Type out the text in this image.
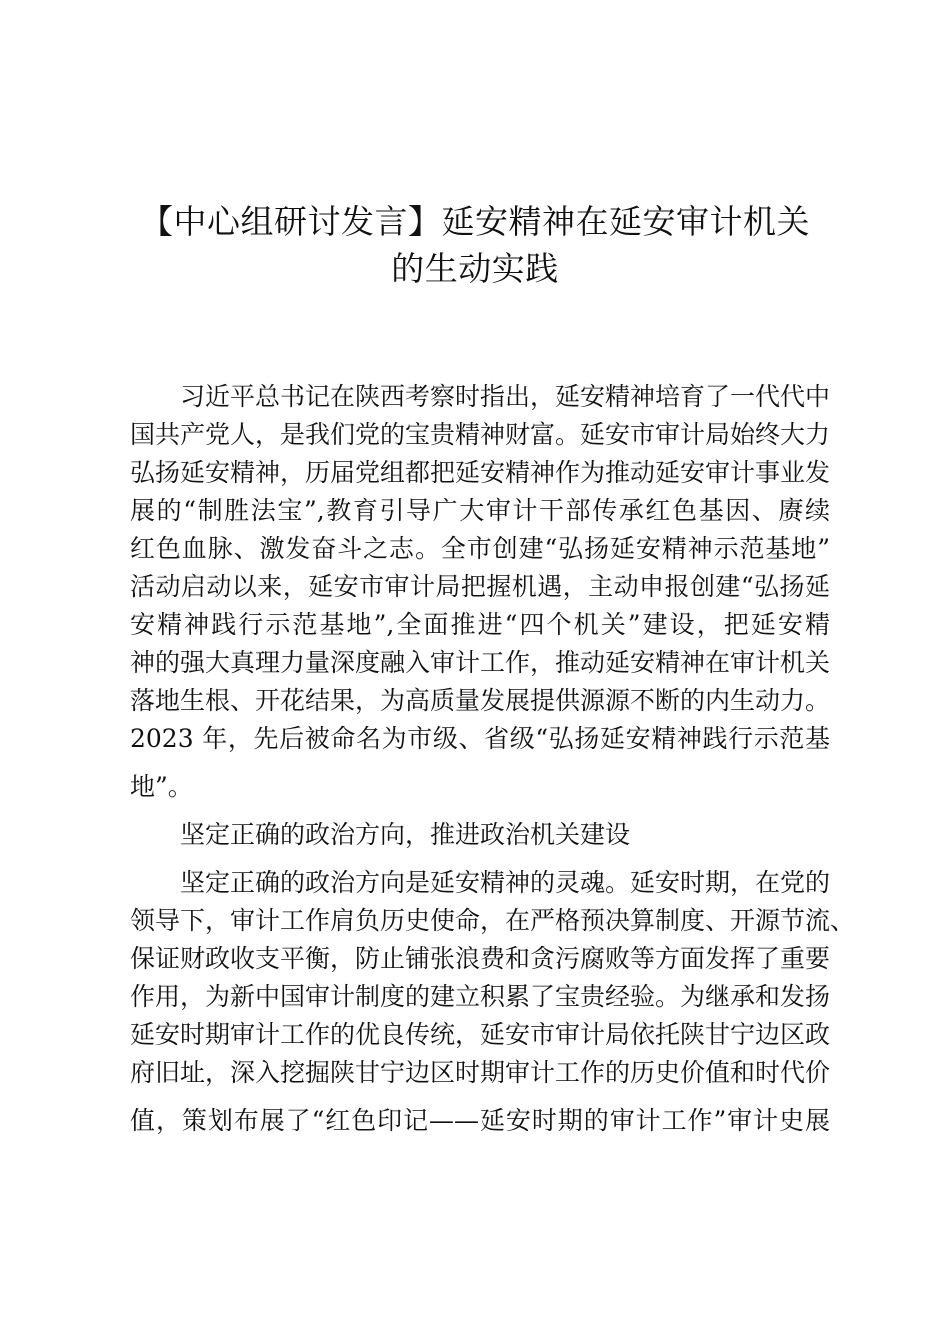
【中心组研讨发言】延安精神在延安审计机关
的生动实践
习近平总书记在陕西考察时指出，延安精神培育了一代代中
国共产党人，是我们党的宝贵精神财富。延安市审计局始终大力
弘扬延安精神，历届党组都把延安精神作为推动延安审计事业发
展的“制胜法宝”,教育引导广大审计干部传承红色基因、赓续
红色血脉、激发奋斗之志。全市创建“弘扬延安精神示范基地”
活动启动以来，延安市审计局把握机遇，主动申报创建“弘扬延
安精神践行示范基地”,全面推进“四个机关”建设，把延安精
神的强大真理力量深度融入审计工作，推动延安精神在审计机关
落地生根、开花结果，为高质量发展提供源源不断的内生动力。
2023 年，先后被命名为市级、省级“弘扬延安精神践行示范基
地”。
坚定正确的政治方向，推进政治机关建设
坚定正确的政治方向是延安精神的灵魂。延安时期，在党的
领导下，审计工作肩负历史使命，在严格预决算制度、开源节流、
保证财政收支平衡，防止铺张浪费和贪污腐败等方面发挥了重要
作用，为新中国审计制度的建立积累了宝贵经验。为继承和发扬
延安时期审计工作的优良传统，延安市审计局依托陕甘宁边区政
府旧址，深入挖掘陕甘宁边区时期审计工作的历史价值和时代价
值，策划布展了“红色印记——延安时期的审计工作”审计史展
